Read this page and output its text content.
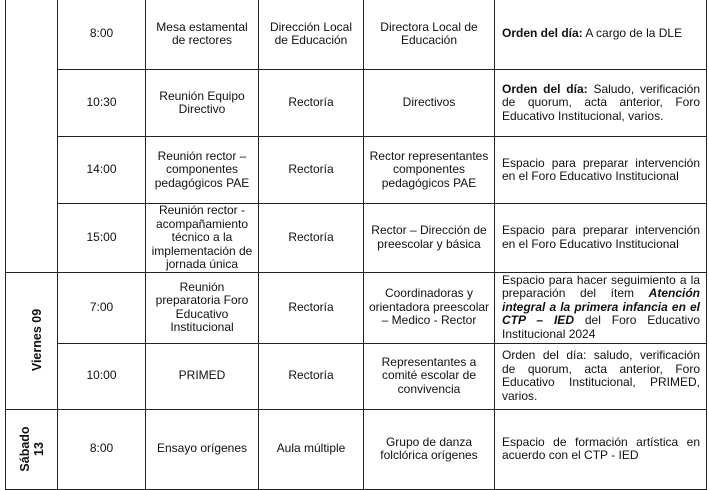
	8:00	Mesa estamental de rectores	Dirección Local de Educación	Directora Local de Educación	Orden del día: A cargo de la DLE
	10:30	Reunión Equipo Directivo	Rectoría	Directivos	Orden del día: Saludo, verificación de quorum, acta anterior, Foro Educativo Institucional, varios.
	14:00	Reunión rector – componentes pedagógicos PAE	Rectoría	Rector representantes componentes pedagógicos PAE	Espacio para preparar intervención en el Foro Educativo Institucional
	15:00	Reunión rector - acompañamiento técnico a la implementación de jornada única	Rectoría	Rector – Dirección de preescolar y básica	Espacio para preparar intervención en el Foro Educativo Institucional
Viernes 09	7:00	Reunión preparatoria Foro Educativo Institucional	Rectoría	Coordinadoras y orientadora preescolar – Medico - Rector	Espacio para hacer seguimiento a la preparación del ítem Atención integral a la primera infancia en el CTP – IED del Foro Educativo Institucional 2024
	10:00	PRIMED	Rectoría	Representantes a comité escolar de convivencia	Orden del día: saludo, verificación de quorum, acta anterior, Foro Educativo Institucional, PRIMED, varios.
Sábado 13	8:00	Ensayo orígenes	Aula múltiple	Grupo de danza folclórica orígenes	Espacio de formación artística en acuerdo con el CTP - IED
